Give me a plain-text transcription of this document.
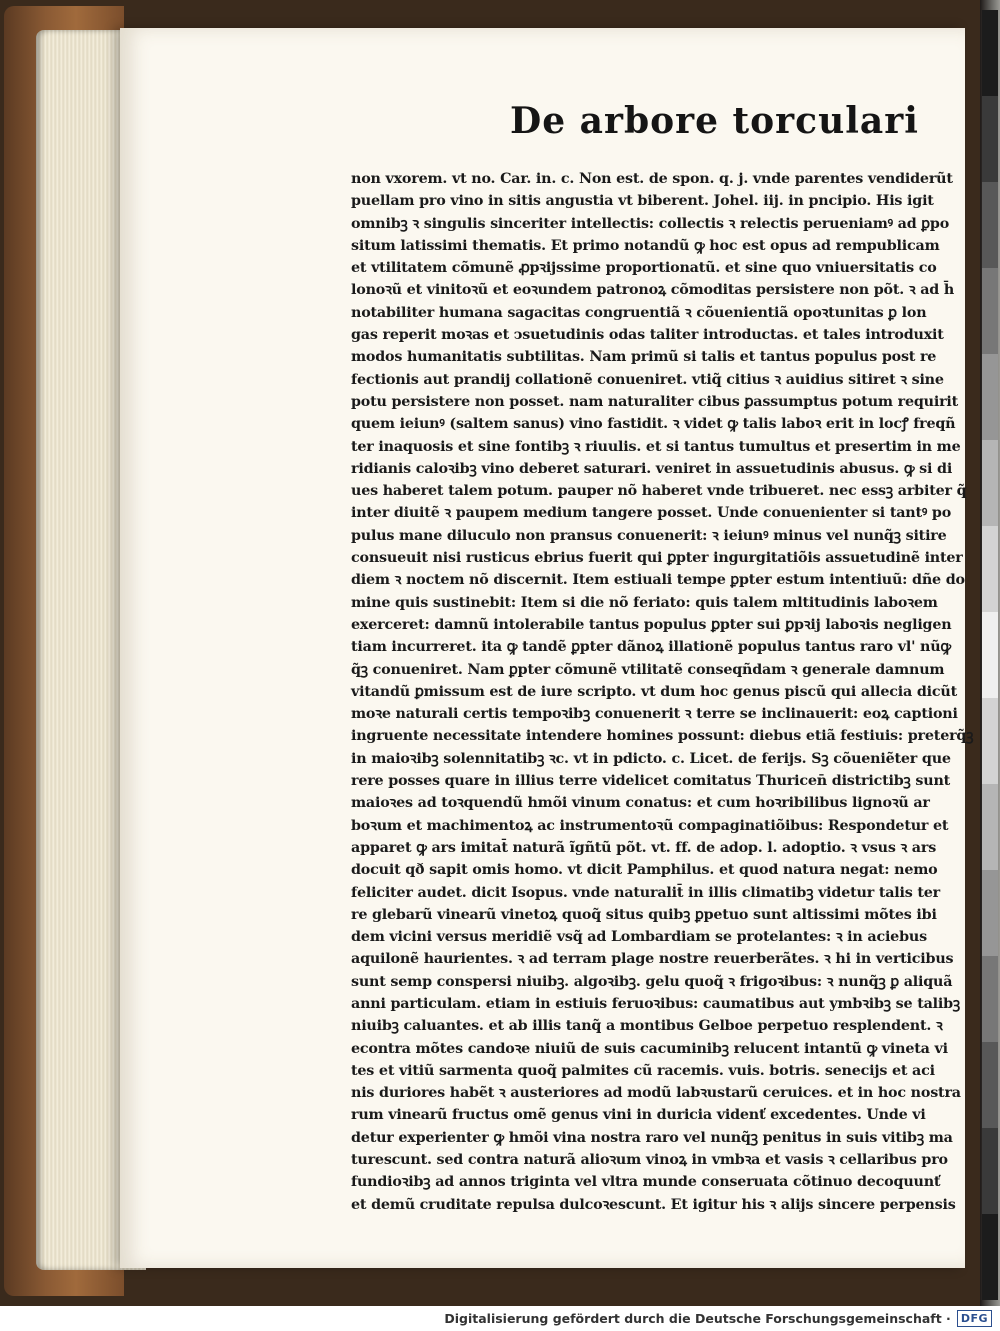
De arbore torculari
non vxorem. vt no. Car. in. c. Non est. de spon. q. j. vnde parentes vendiderũt
puellam pro vino in sitis angustia vt biberent. Johel. iij. in pncipio. His igit
omnibꝫ ꝛ singulis sinceriter intellectis: collectis ꝛ relectis perueniamꝰ ad ꝑpo
situm latissimi thematis. Et primo notandũ ꝙ hoc est opus ad rempublicam
et vtilitatem cõmunẽ ꝓpꝛijssime proportionatũ. et sine quo vniuersitatis co
lonoꝛũ et vinitoꝛũ et eoꝛundem patronoꝝ cõmoditas persistere non põt. ꝛ ad h̄
notabiliter humana sagacitas congruentiã ꝛ cõuenientiã opoꝛtunitas ꝑ lon
gas reperit moꝛas et ↄsuetudinis odas taliter introductas. et tales introduxit
modos humanitatis subtilitas. Nam primũ si talis et tantus populus post re
fectionis aut prandij collationẽ conueniret. vtiq̃ citius ꝛ auidius sitiret ꝛ sine
potu persistere non posset. nam naturaliter cibus ꝑassumptus potum requirit
quem ieiunꝰ (saltem sanus) vino fastidit. ꝛ videt ꝙ talis laboꝛ erit in locꝭ freqñ
ter inaquosis et sine fontibꝫ ꝛ riuulis. et si tantus tumultus et presertim in me
ridianis caloꝛibꝫ vino deberet saturari. veniret in assuetudinis abusus. ꝙ si di
ues haberet talem potum. pauper nõ haberet vnde tribueret. nec essꝫ arbiter q̃
inter diuitẽ ꝛ paupem medium tangere posset. Unde conuenienter si tantꝰ po
pulus mane diluculo non pransus conuenerit: ꝛ ieiunꝰ minus vel nunq̃ꝫ sitire
consueuit nisi rusticus ebrius fuerit qui ꝑpter ingurgitatiõis assuetudinẽ inter
diem ꝛ noctem nõ discernit. Item estiuali tempe ꝑpter estum intentiuũ: dñe do
mine quis sustinebit: Item si die nõ feriato: quis talem mltitudinis laboꝛem
exerceret: damnũ intolerabile tantus populus ꝑpter sui ꝑpꝛij laboꝛis negligen
tiam incurreret. ita ꝙ tandẽ ꝑpter dãnoꝝ illationẽ populus tantus raro vl' nũꝙ
q̃ꝫ conueniret. Nam ꝑpter cõmunẽ vtilitatẽ conseqñdam ꝛ generale damnum
vitandũ ꝑmissum est de iure scripto. vt dum hoc genus piscũ qui allecia dicũt
moꝛe naturali certis tempoꝛibꝫ conuenerit ꝛ terre se inclinauerit: eoꝝ captioni
ingruente necessitate intendere homines possunt: diebus etiã festiuis: preterq̃ꝫ
in maioꝛibꝫ solennitatibꝫ ꝛc. vt in pdicto. c. Licet. de ferijs. Sꝫ cõueniẽter que
rere posses quare in illius terre videlicet comitatus Thuricen̄ districtibꝫ sunt
maioꝛes ad toꝛquendũ hmõi vinum conatus: et cum hoꝛribilibus lignoꝛũ ar
boꝛum et machimentoꝝ ac instrumentoꝛũ compaginatiõibus: Respondetur et
apparet ꝙ ars imitat̄ naturã ĩgñtũ põt. vt. ff. de adop. l. adoptio. ꝛ vsus ꝛ ars
docuit qð sapit omis homo. vt dicit Pamphilus. et quod natura negat: nemo
feliciter audet. dicit Isopus. vnde naturalit̄ in illis climatibꝫ videtur talis ter
re glebarũ vinearũ vinetoꝝ quoq̃ situs quibꝫ ꝑpetuo sunt altissimi mõtes ibi
dem vicini versus meridiẽ vsq̃ ad Lombardiam se protelantes: ꝛ in aciebus
aquilonẽ haurientes. ꝛ ad terram plage nostre reuerberãtes. ꝛ hi in verticibus
sunt semp conspersi niuibꝫ. algoꝛibꝫ. gelu quoq̃ ꝛ frigoꝛibus: ꝛ nunq̃ꝫ ꝑ aliquã
anni particulam. etiam in estiuis feruoꝛibus: caumatibus aut ymbꝛibꝫ se talibꝫ
niuibꝫ caluantes. et ab illis tanq̃ a montibus Gelboe perpetuo resplendent. ꝛ
econtra mõtes candoꝛe niuiũ de suis cacuminibꝫ relucent intantũ ꝙ vineta vi
tes et vitiũ sarmenta quoq̃ palmites cũ racemis. vuis. botris. senecijs et aci
nis duriores habẽt ꝛ austeriores ad modũ labꝛustarũ ceruices. et in hoc nostra
rum vinearũ fructus omẽ genus vini in duricia videnť excedentes. Unde vi
detur experienter ꝙ hmõi vina nostra raro vel nunq̃ꝫ penitus in suis vitibꝫ ma
turescunt. sed contra naturã alioꝛum vinoꝝ in vmbꝛa et vasis ꝛ cellaribus pro
fundioꝛibꝫ ad annos triginta vel vltra munde conseruata cõtinuo decoquunť
et demũ cruditate repulsa dulcoꝛescunt. Et igitur his ꝛ alijs sincere perpensis
Digitalisierung gefördert durch die Deutsche Forschungsgemeinschaft · DFG
